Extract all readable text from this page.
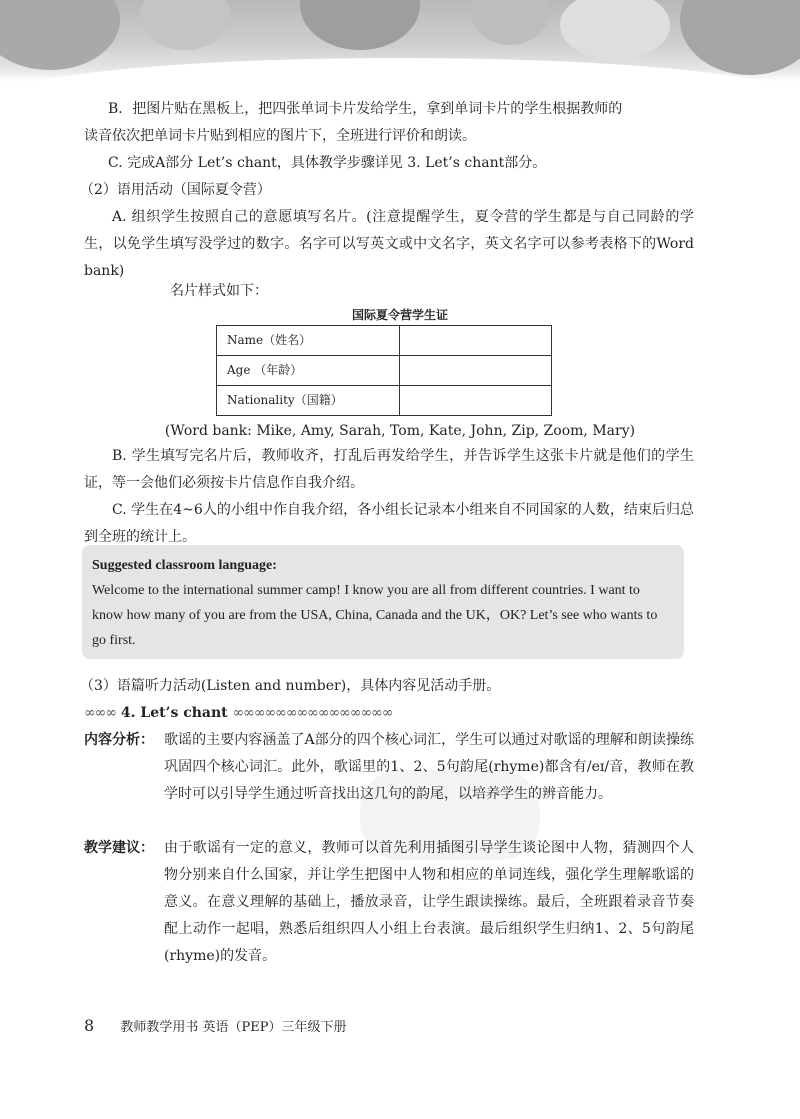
B．把图片贴在黑板上，把四张单词卡片发给学生，拿到单词卡片的学生根据教师的

读音依次把单词卡片贴到相应的图片下，全班进行评价和朗读。

C. 完成A部分 Let’s chant，具体教学步骤详见 3. Let’s chant部分。

（2）语用活动（国际夏令营）

A. 组织学生按照自己的意愿填写名片。(注意提醒学生，夏令营的学生都是与自己同龄的学生，以免学生填写没学过的数字。名字可以写英文或中文名字，英文名字可以参考表格下的Word bank)

名片样式如下：

国际夏令营学生证

Name（姓名）	
Age （年龄）	
Nationality（国籍）	

(Word bank: Mike, Amy, Sarah, Tom, Kate, John, Zip, Zoom, Mary)

B. 学生填写完名片后，教师收齐，打乱后再发给学生，并告诉学生这张卡片就是他们的学生证，等一会他们必须按卡片信息作自我介绍。

C. 学生在4~6人的小组中作自我介绍，各小组长记录本小组来自不同国家的人数，结束后归总到全班的统计上。

Suggested classroom language:

Welcome to the international summer camp! I know you are all from different countries. I want to know how many of you are from the USA, China, Canada and the UK，OK? Let’s see who wants to go first.

（3）语篇听力活动(Listen and number)，具体内容见活动手册。

∞∞∞ 4. Let’s chant ∞∞∞∞∞∞∞∞∞∞∞∞∞∞∞

内容分析： 歌谣的主要内容涵盖了A部分的四个核心词汇，学生可以通过对歌谣的理解和朗读操练巩固四个核心词汇。此外，歌谣里的1、2、5句韵尾(rhyme)都含有/eɪ/音，教师在教学时可以引导学生通过听音找出这几句的韵尾，以培养学生的辨音能力。

教学建议： 由于歌谣有一定的意义，教师可以首先利用插图引导学生谈论图中人物，猜测四个人物分别来自什么国家，并让学生把图中人物和相应的单词连线，强化学生理解歌谣的意义。在意义理解的基础上，播放录音，让学生跟读操练。最后，全班跟着录音节奏配上动作一起唱，熟悉后组织四人小组上台表演。最后组织学生归纳1、2、5句韵尾(rhyme)的发音。

8 教师教学用书 英语（PEP）三年级下册
